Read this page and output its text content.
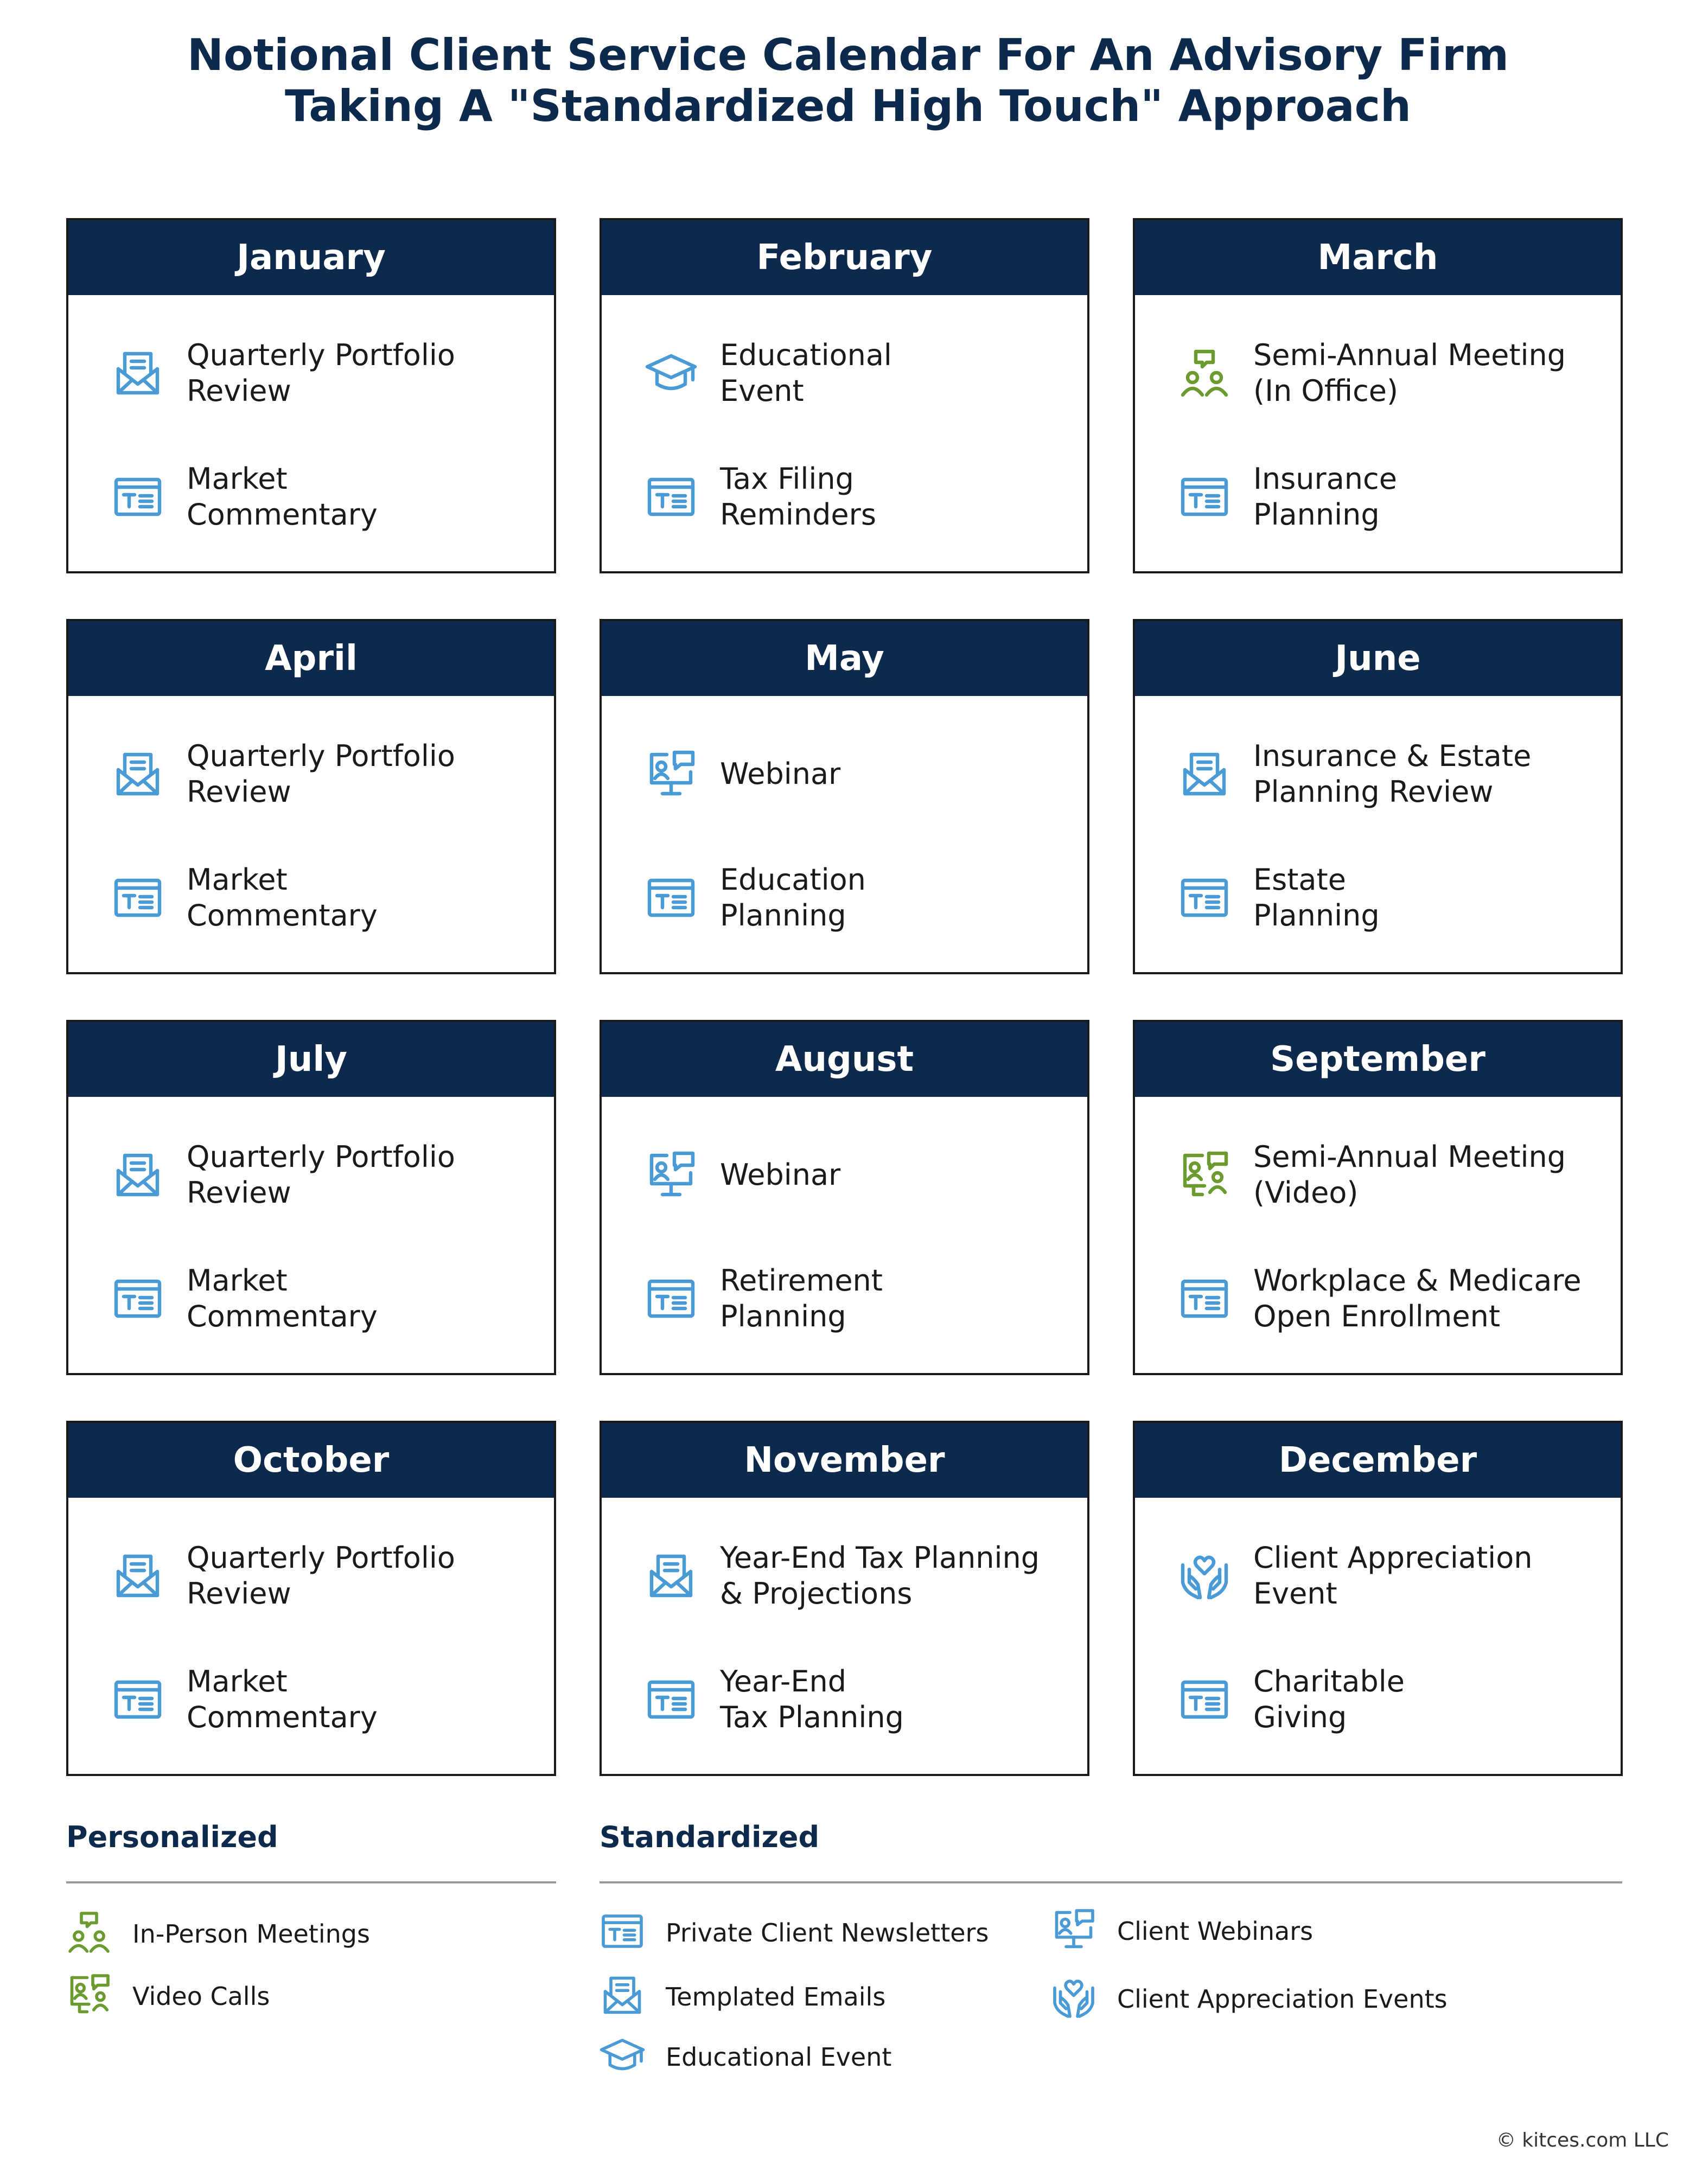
Notional Client Service Calendar For An Advisory Firm
Taking A "Standardized High Touch" Approach
January
Quarterly Portfolio
Review
Market
Commentary
February
Educational
Event
Tax Filing
Reminders
March
Semi-Annual Meeting
(In Office)
Insurance
Planning
April
Quarterly Portfolio
Review
Market
Commentary
May
Webinar
Education
Planning
June
Insurance & Estate
Planning Review
Estate
Planning
July
Quarterly Portfolio
Review
Market
Commentary
August
Webinar
Retirement
Planning
September
Semi-Annual Meeting
(Video)
Workplace & Medicare
Open Enrollment
October
Quarterly Portfolio
Review
Market
Commentary
November
Year-End Tax Planning
& Projections
Year-End
Tax Planning
December
Client Appreciation
Event
Charitable
Giving
Personalized	Standardized
In-Person Meetings
Video Calls
Private Client Newsletters
Templated Emails
Educational Event
Client Webinars
Client Appreciation Events
© kitces.com LLC
